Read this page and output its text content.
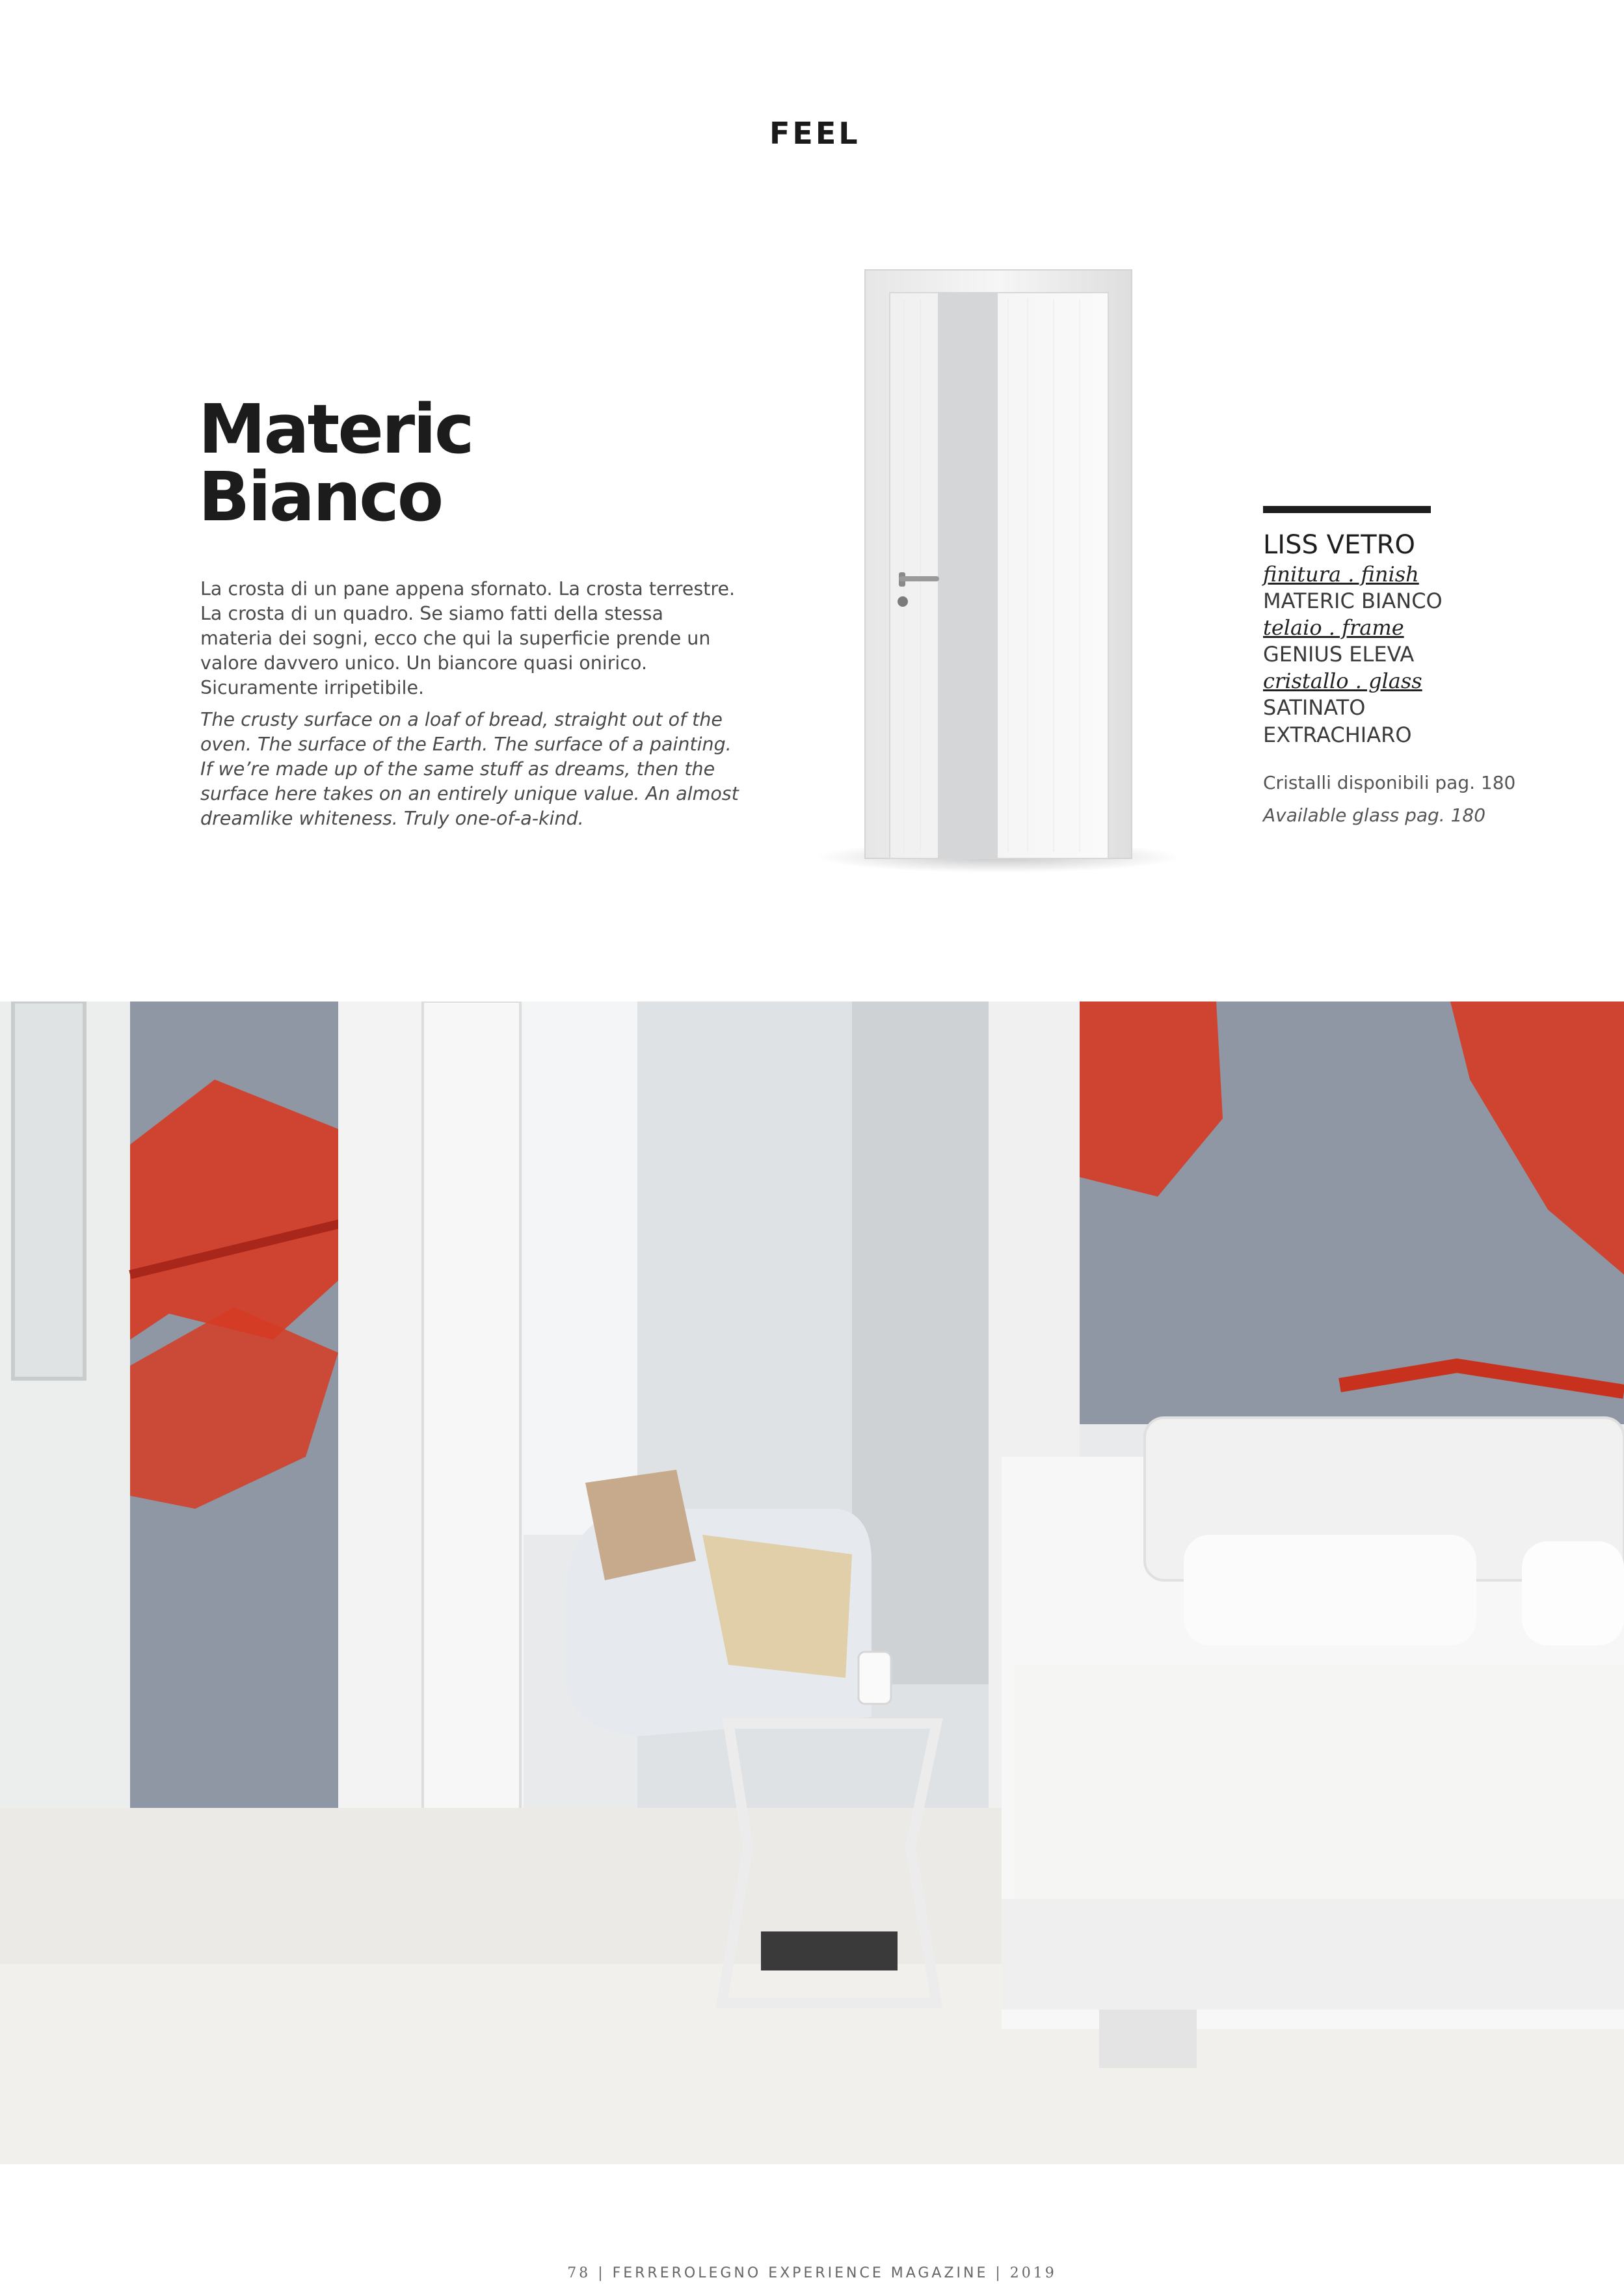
FEEL
Materic
Bianco
La crosta di un pane appena sfornato. La crosta terrestre. La crosta di un quadro. Se siamo fatti della stessa materia dei sogni, ecco che qui la superficie prende un valore davvero unico. Un biancore quasi onirico. Sicuramente irripetibile.
The crusty surface on a loaf of bread, straight out of the oven. The surface of the Earth. The surface of a painting. If we’re made up of the same stuff as dreams, then the surface here takes on an entirely unique value. An almost dreamlike whiteness. Truly one-of-a-kind.
LISS VETRO
finitura . finish
MATERIC BIANCO
telaio . frame
GENIUS ELEVA
cristallo . glass
SATINATO
EXTRACHIARO
Cristalli disponibili pag. 180
Available glass pag. 180
78 | FERREROLEGNO EXPERIENCE MAGAZINE | 2019
